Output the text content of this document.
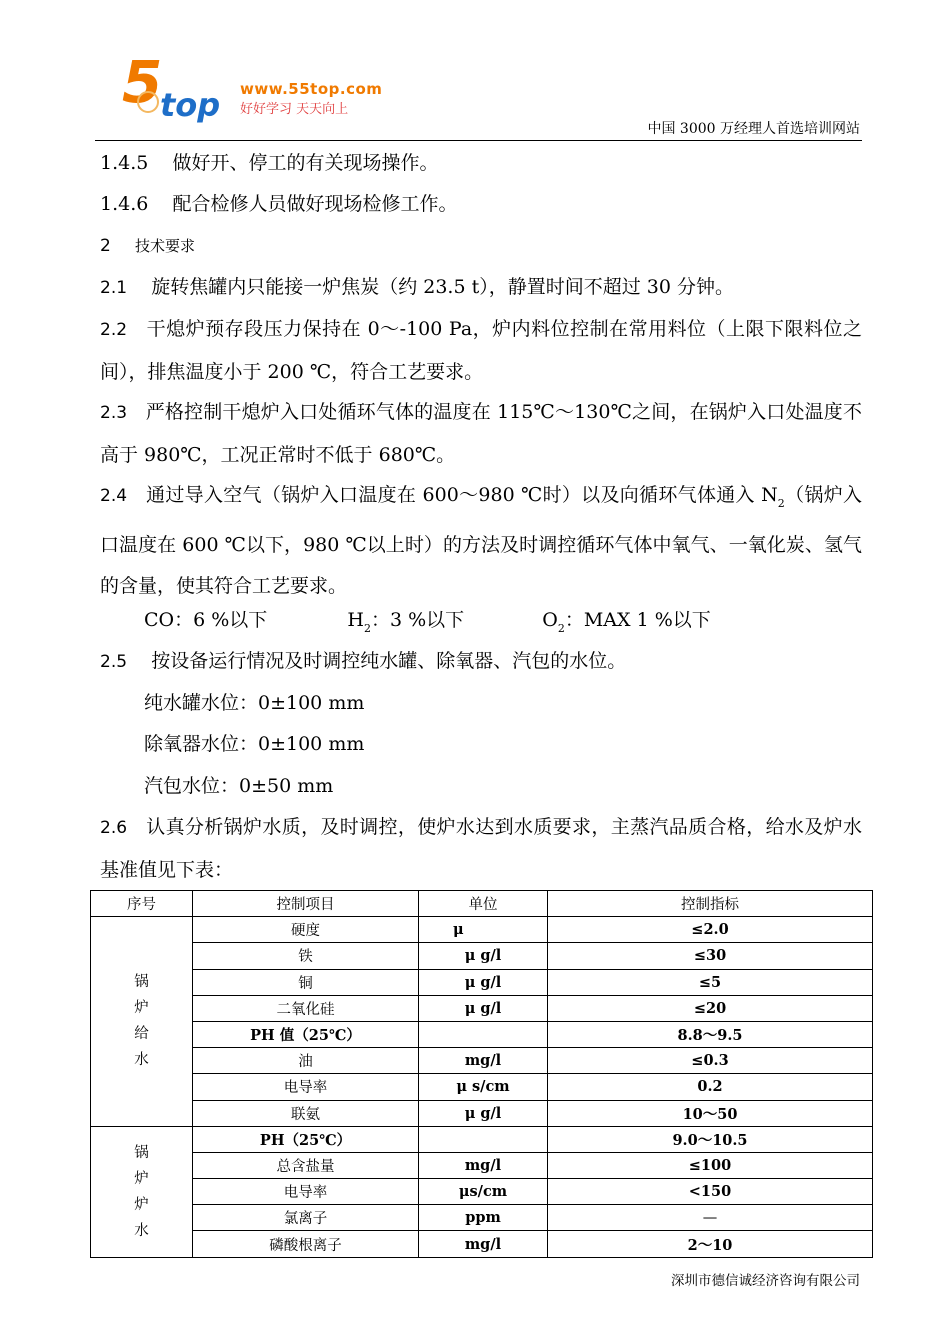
5
top www.55top.com
好好学习 天天向上
中国 3000 万经理人首选培训网站
1.4.5 做好开、停工的有关现场操作。
1.4.6 配合检修人员做好现场检修工作。
2 技术要求
2.1 旋转焦罐内只能接一炉焦炭（约 23.5 t），静置时间不超过 30 分钟。
2.2 干熄炉预存段压力保持在 0～-100 Pa，炉内料位控制在常用料位（上限下限料位之间），排焦温度小于 200 ℃，符合工艺要求。
2.3 严格控制干熄炉入口处循环气体的温度在 115℃～130℃之间，在锅炉入口处温度不高于 980℃，工况正常时不低于 680℃。
2.4 通过导入空气（锅炉入口温度在 600～980 ℃时）以及向循环气体通入 $N_2$（锅炉入口温度在 600 ℃以下，980 ℃以上时）的方法及时调控循环气体中氧气、一氧化炭、氢气的含量，使其符合工艺要求。
CO：6 %以下	$H_2$：3 %以下	$O_2$：MAX 1 %以下
2.5 按设备运行情况及时调控纯水罐、除氧器、汽包的水位。
纯水罐水位：0±100 mm
除氧器水位：0±100 mm
汽包水位：0±50 mm
2.6 认真分析锅炉水质，及时调控，使炉水达到水质要求，主蒸汽品质合格，给水及炉水基准值见下表：
序号	控制项目	单位	控制指标

锅
炉
给
水	硬度	μ	≤2.0
	铁	μ g/l	≤30
	铜	μ g/l	≤5
	二氧化硅	μ g/l	≤20
	PH 值（25℃）		8.8～9.5
	油	mg/l	≤0.3
	电导率	μ s/cm	0.2
	联氨	μ g/l	10～50

锅
炉
炉
水	PH（25℃）		9.0～10.5
	总含盐量	mg/l	≤100
	电导率	μs/cm	<150
	氯离子	ppm	—
	磷酸根离子	mg/l	2～10
深圳市德信诚经济咨询有限公司
